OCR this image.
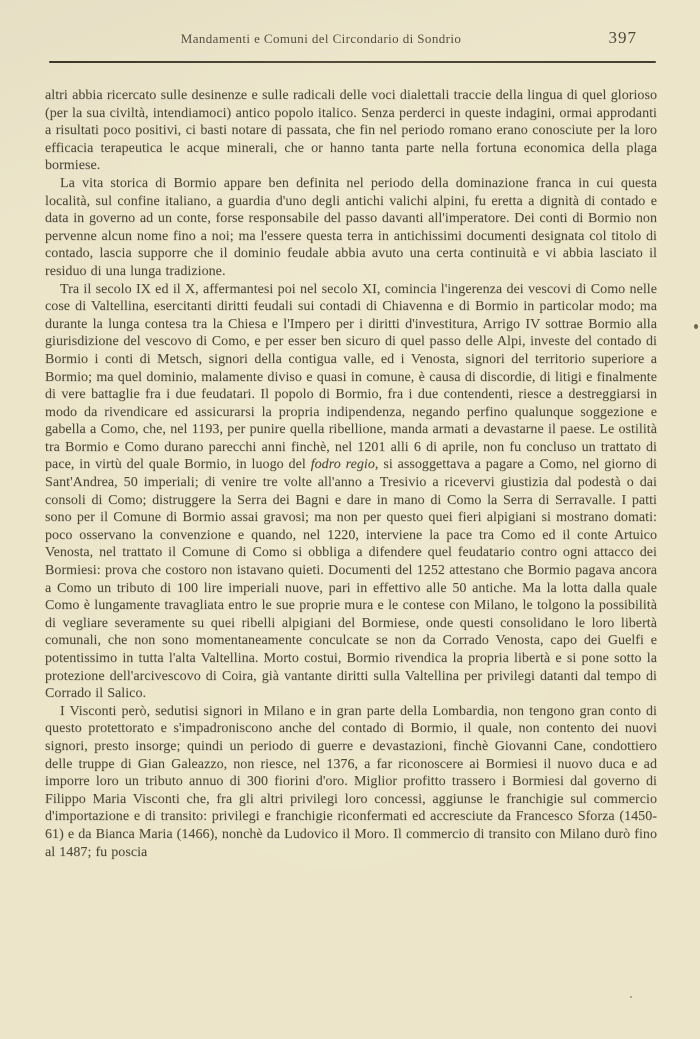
Mandamenti e Comuni del Circondario di Sondrio	397

altri abbia ricercato sulle desinenze e sulle radicali delle voci dialettali traccie della lingua di quel glorioso (per la sua civiltà, intendiamoci) antico popolo italico. Senza perderci in queste indagini, ormai approdanti a risultati poco positivi, ci basti notare di passata, che fin nel periodo romano erano conosciute per la loro efficacia terapeutica le acque minerali, che or hanno tanta parte nella fortuna economica della plaga bormiese.

La vita storica di Bormio appare ben definita nel periodo della dominazione franca in cui questa località, sul confine italiano, a guardia d'uno degli antichi valichi alpini, fu eretta a dignità di contado e data in governo ad un conte, forse responsabile del passo davanti all'imperatore. Dei conti di Bormio non pervenne alcun nome fino a noi; ma l'essere questa terra in antichissimi documenti designata col titolo di contado, lascia supporre che il dominio feudale abbia avuto una certa continuità e vi abbia lasciato il residuo di una lunga tradizione.

Tra il secolo IX ed il X, affermantesi poi nel secolo XI, comincia l'ingerenza dei vescovi di Como nelle cose di Valtellina, esercitanti diritti feudali sui contadi di Chiavenna e di Bormio in particolar modo; ma durante la lunga contesa tra la Chiesa e l'Impero per i diritti d'investitura, Arrigo IV sottrae Bormio alla giurisdizione del vescovo di Como, e per esser ben sicuro di quel passo delle Alpi, investe del contado di Bormio i conti di Metsch, signori della contigua valle, ed i Venosta, signori del territorio superiore a Bormio; ma quel dominio, malamente diviso e quasi in comune, è causa di discordie, di litigi e finalmente di vere battaglie fra i due feudatari. Il popolo di Bormio, fra i due contendenti, riesce a destreggiarsi in modo da rivendicare ed assicurarsi la propria indipendenza, negando perfino qualunque soggezione e gabella a Como, che, nel 1193, per punire quella ribellione, manda armati a devastarne il paese. Le ostilità tra Bormio e Como durano parecchi anni finchè, nel 1201 alli 6 di aprile, non fu concluso un trattato di pace, in virtù del quale Bormio, in luogo del fodro regio, si assoggettava a pagare a Como, nel giorno di Sant'Andrea, 50 imperiali; di venire tre volte all'anno a Tresivio a ricevervi giustizia dal podestà o dai consoli di Como; distruggere la Serra dei Bagni e dare in mano di Como la Serra di Serravalle. I patti sono per il Comune di Bormio assai gravosi; ma non per questo quei fieri alpigiani si mostrano domati: poco osservano la convenzione e quando, nel 1220, interviene la pace tra Como ed il conte Artuico Venosta, nel trattato il Comune di Como si obbliga a difendere quel feudatario contro ogni attacco dei Bormiesi: prova che costoro non istavano quieti. Documenti del 1252 attestano che Bormio pagava ancora a Como un tributo di 100 lire imperiali nuove, pari in effettivo alle 50 antiche. Ma la lotta dalla quale Como è lungamente travagliata entro le sue proprie mura e le contese con Milano, le tolgono la possibilità di vegliare severamente su quei ribelli alpigiani del Bormiese, onde questi consolidano le loro libertà comunali, che non sono momentaneamente conculcate se non da Corrado Venosta, capo dei Guelfi e potentissimo in tutta l'alta Valtellina. Morto costui, Bormio rivendica la propria libertà e si pone sotto la protezione dell'arcivescovo di Coira, già vantante diritti sulla Valtellina per privilegi datanti dal tempo di Corrado il Salico.

I Visconti però, sedutisi signori in Milano e in gran parte della Lombardia, non tengono gran conto di questo protettorato e s'impadroniscono anche del contado di Bormio, il quale, non contento dei nuovi signori, presto insorge; quindi un periodo di guerre e devastazioni, finchè Giovanni Cane, condottiero delle truppe di Gian Galeazzo, non riesce, nel 1376, a far riconoscere ai Bormiesi il nuovo duca e ad imporre loro un tributo annuo di 300 fiorini d'oro. Miglior profitto trassero i Bormiesi dal governo di Filippo Maria Visconti che, fra gli altri privilegi loro concessi, aggiunse le franchigie sul commercio d'importazione e di transito: privilegi e franchigie riconfermati ed accresciute da Francesco Sforza (1450-61) e da Bianca Maria (1466), nonchè da Ludovico il Moro. Il commercio di transito con Milano durò fino al 1487; fu poscia
